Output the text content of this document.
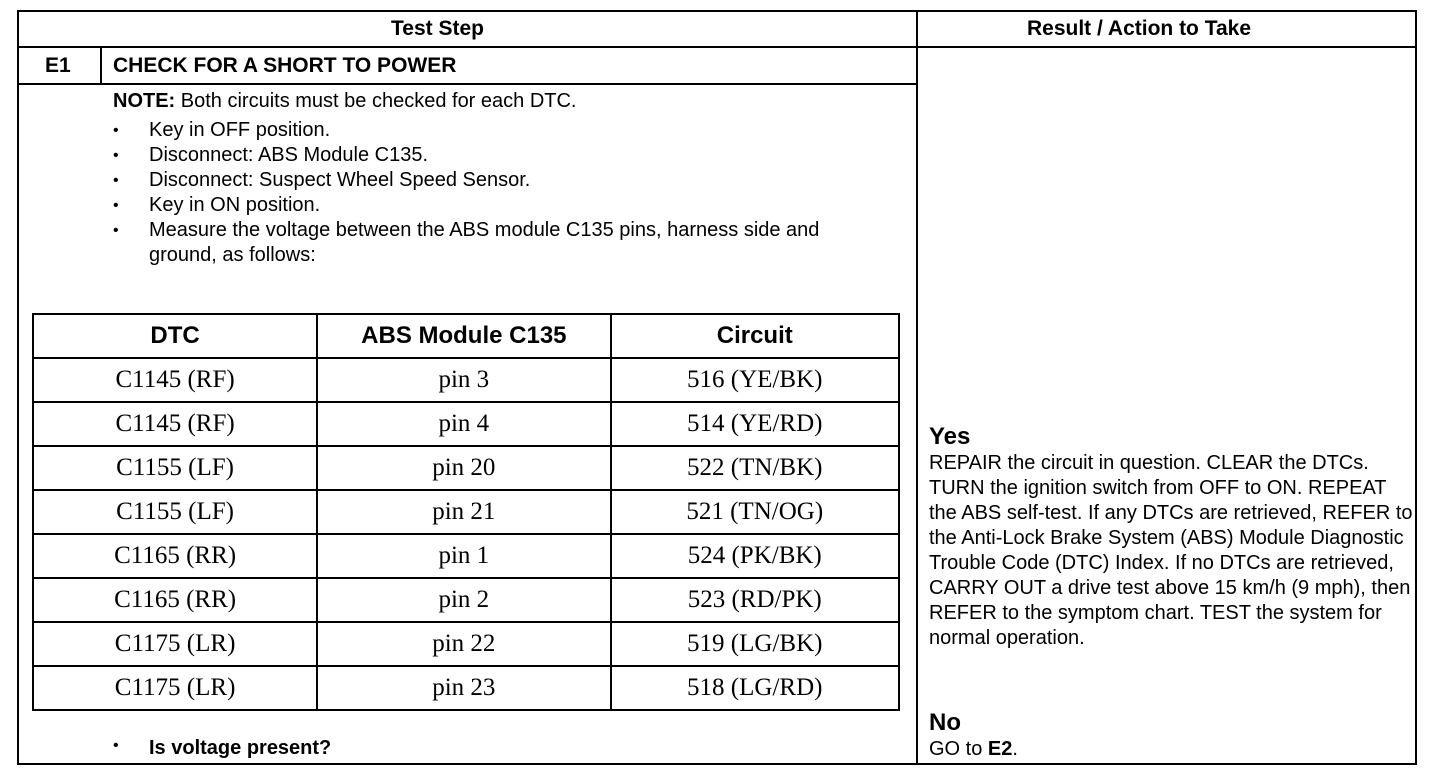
Test Step	Result / Action to Take
E1 CHECK FOR A SHORT TO POWER
NOTE: Both circuits must be checked for each DTC.
• Key in OFF position.
• Disconnect: ABS Module C135.
• Disconnect: Suspect Wheel Speed Sensor.
• Key in ON position.
• Measure the voltage between the ABS module C135 pins, harness side and ground, as follows:
DTC	ABS Module C135	Circuit
C1145 (RF)	pin 3	516 (YE/BK)
C1145 (RF)	pin 4	514 (YE/RD)
C1155 (LF)	pin 20	522 (TN/BK)
C1155 (LF)	pin 21	521 (TN/OG)
C1165 (RR)	pin 1	524 (PK/BK)
C1165 (RR)	pin 2	523 (RD/PK)
C1175 (LR)	pin 22	519 (LG/BK)
C1175 (LR)	pin 23	518 (LG/RD)
• Is voltage present?
Yes
REPAIR the circuit in question. CLEAR the DTCs. TURN the ignition switch from OFF to ON. REPEAT the ABS self-test. If any DTCs are retrieved, REFER to the Anti-Lock Brake System (ABS) Module Diagnostic Trouble Code (DTC) Index. If no DTCs are retrieved, CARRY OUT a drive test above 15 km/h (9 mph), then REFER to the symptom chart. TEST the system for normal operation.
No
GO to E2.
